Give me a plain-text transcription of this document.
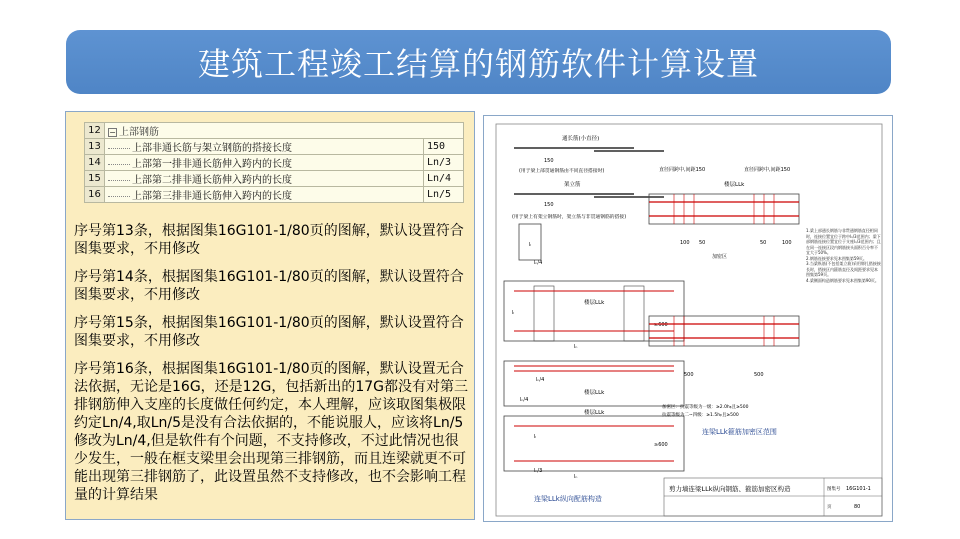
建筑工程竣工结算的钢筋软件计算设置
12	− 上部钢筋	
13	上部非通长筋与架立钢筋的搭接长度	150
14	上部第一排非通长筋伸入跨内的长度	Ln/3
15	上部第二排非通长筋伸入跨内的长度	Ln/4
16	上部第三排非通长筋伸入跨内的长度	Ln/5

序号第13条，根据图集16G101-1/80页的图解，默认设置符合图集要求，不用修改

序号第14条，根据图集16G101-1/80页的图解，默认设置符合图集要求，不用修改

序号第15条，根据图集16G101-1/80页的图解，默认设置符合图集要求，不用修改

序号第16条，根据图集16G101-1/80页的图解，默认设置无合法依据，无论是16G，还是12G，包括新出的17G都没有对第三排钢筋伸入支座的长度做任何约定，本人理解，应该取图集极限约定Ln/4,取Ln/5是没有合法依据的，不能说服人，应该将Ln/5修改为Ln/4,但是软件有个问题，不支持修改，不过此情况也很少发生，一般在框支梁里会出现第三排钢筋，而且连梁就更不可能出现第三排钢筋了，此设置虽然不支持修改，也不会影响工程量的计算结果

通长筋(小直径)
150
(用于梁上部贯通钢筋由不同直径搭接时)
架立筋
150
(用于梁上有架立钢筋时，架立筋与非贯通钢筋的搭接)
lₗ
lₙ/4
楼层LLk
lₗ
≥600
lₙ
lₙ/4
楼层LLk
lₙ/4
楼层LLk
lₗ
≥600
lₙ
lₙ/3
连梁LLk纵向配筋构造
直径同跨中,间距150	直径同跨中,间距150
楼层LLk
100 50	50	100
加密区
500	500
加密区：抗震等级为一级：≥2.0hᵦ且≥500
抗震等级为二~四级：≥1.5hᵦ且≥500
连梁LLk箍筋加密区范围
1.梁上部通长钢筋与非贯通钢筋直径相同时，连接位置宜位于跨中lₙ/3范围内；梁下部钢筋连接位置宜位于支座lₙ/3范围内；且在同一连接区段内钢筋接头面积百分率不宜大于50%。
2.钢筋连接要求见本图集第59页。
3.当梁纵筋(不包括架立筋)采用绑扎搭接接长时，搭接区内箍筋直径及间距要求见本图集第59页。
4.梁侧面构造钢筋要求见本图集第90页。
剪力墙连梁LLk纵向钢筋、箍筋加密区构造	图集号 16G101-1
页	80
